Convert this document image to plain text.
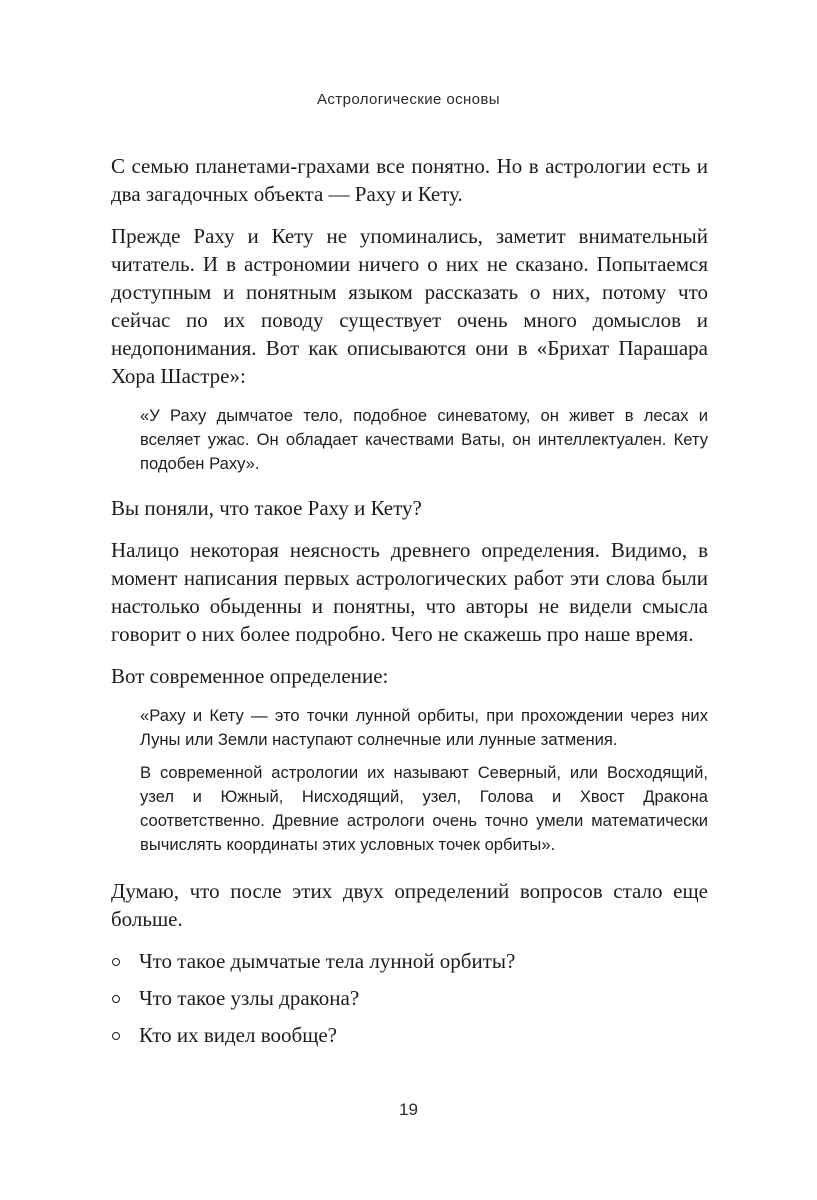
Астрологические основы

С семью планетами-грахами все понятно. Но в астрологии есть и два загадочных объекта — Раху и Кету.

Прежде Раху и Кету не упоминались, заметит внимательный читатель. И в астрономии ничего о них не сказано. Попытаемся доступным и понятным языком рассказать о них, потому что сейчас по их поводу существует очень много домыслов и недопонимания. Вот как описываются они в «Брихат Парашара Хора Шастре»:

«У Раху дымчатое тело, подобное синеватому, он живет в лесах и вселяет ужас. Он обладает качествами Ваты, он интеллектуален. Кету подобен Раху».

Вы поняли, что такое Раху и Кету?

Налицо некоторая неясность древнего определения. Видимо, в момент написания первых астрологических работ эти слова были настолько обыденны и понятны, что авторы не видели смысла говорит о них более подробно. Чего не скажешь про наше время.

Вот современное определение:

«Раху и Кету — это точки лунной орбиты, при прохождении через них Луны или Земли наступают солнечные или лунные затмения.

В современной астрологии их называют Северный, или Восходящий, узел и Южный, Нисходящий, узел, Голова и Хвост Дракона соответственно. Древние астрологи очень точно умели математически вычислять координаты этих условных точек орбиты».

Думаю, что после этих двух определений вопросов стало еще больше.

Что такое дымчатые тела лунной орбиты?
Что такое узлы дракона?
Кто их видел вообще?
19
